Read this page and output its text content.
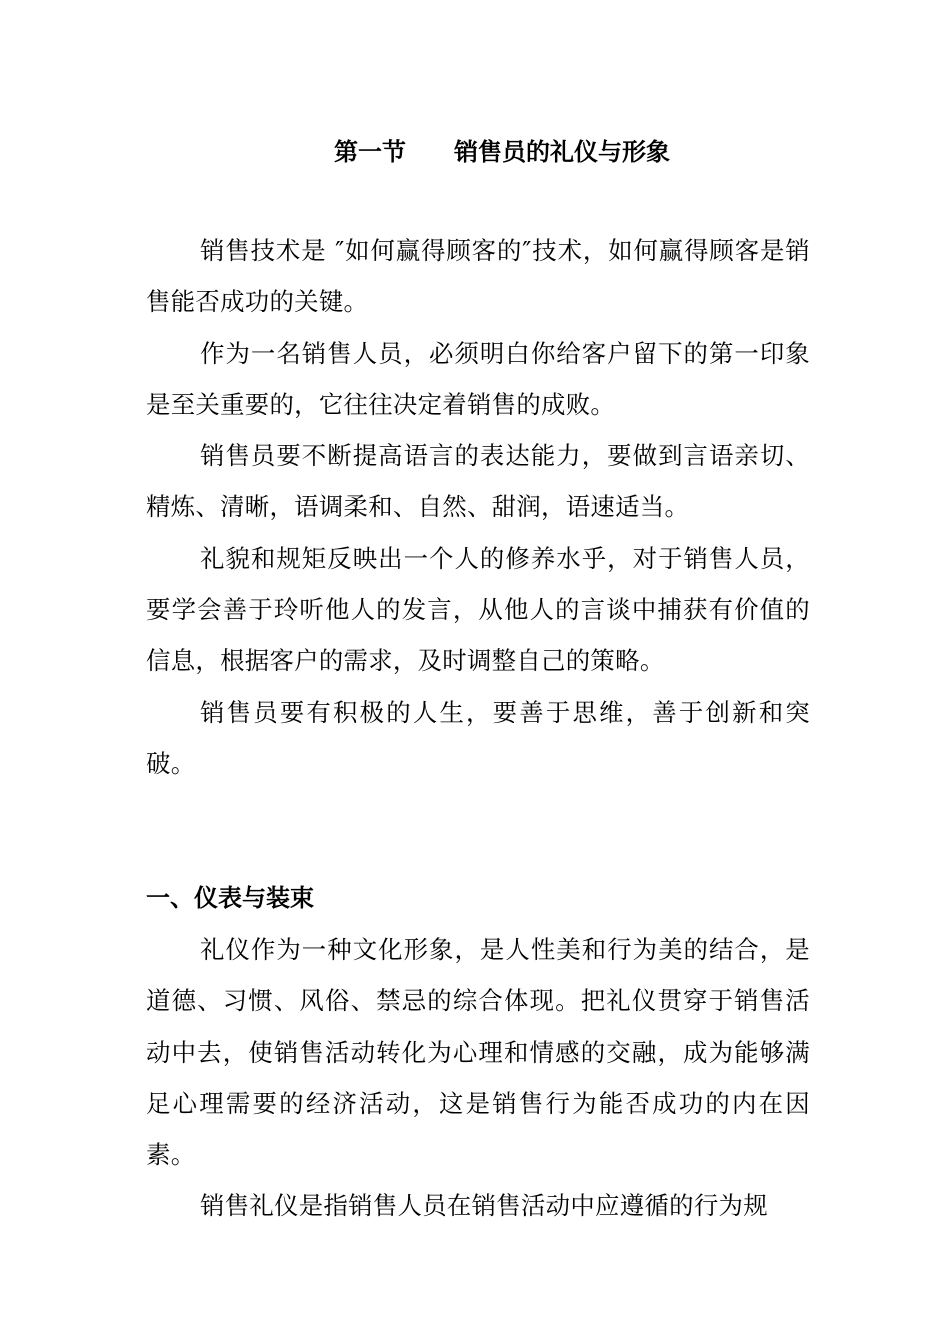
第一节　　销售员的礼仪与形象

销售技术是 ″如何赢得顾客的″技术，如何赢得顾客是销售能否成功的关键。

作为一名销售人员，必须明白你给客户留下的第一印象是至关重要的，它往往决定着销售的成败。

销售员要不断提高语言的表达能力，要做到言语亲切、精炼、清晰，语调柔和、自然、甜润，语速适当。

礼貌和规矩反映出一个人的修养水乎，对于销售人员，要学会善于玲听他人的发言，从他人的言谈中捕获有价值的信息，根据客户的需求，及时调整自己的策略。

销售员要有积极的人生，要善于思维，善于创新和突破。

一、仪表与装束

礼仪作为一种文化形象，是人性美和行为美的结合，是道德、习惯、风俗、禁忌的综合体现。把礼仪贯穿于销售活动中去，使销售活动转化为心理和情感的交融，成为能够满足心理需要的经济活动，这是销售行为能否成功的内在因素。

销售礼仪是指销售人员在销售活动中应遵循的行为规
